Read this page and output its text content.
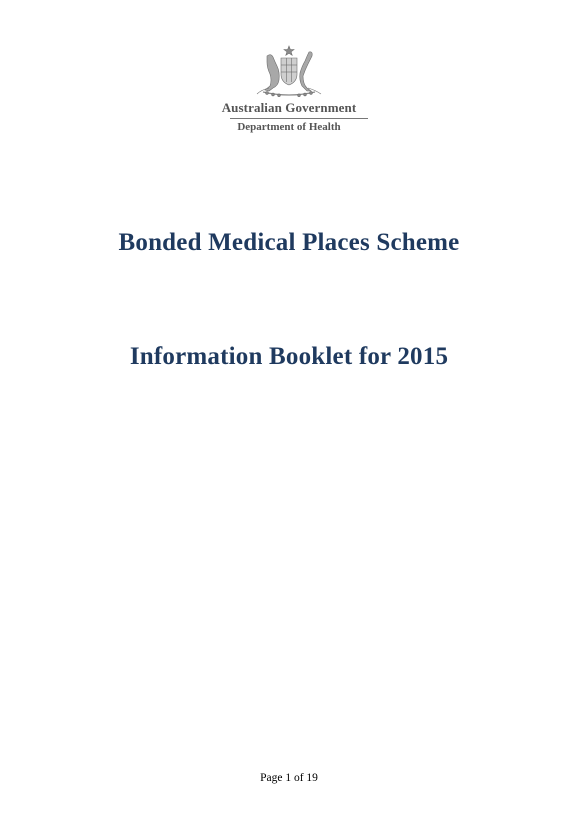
Australian Government
Department of Health
Bonded Medical Places Scheme
Information Booklet for 2015
Page 1 of 19
